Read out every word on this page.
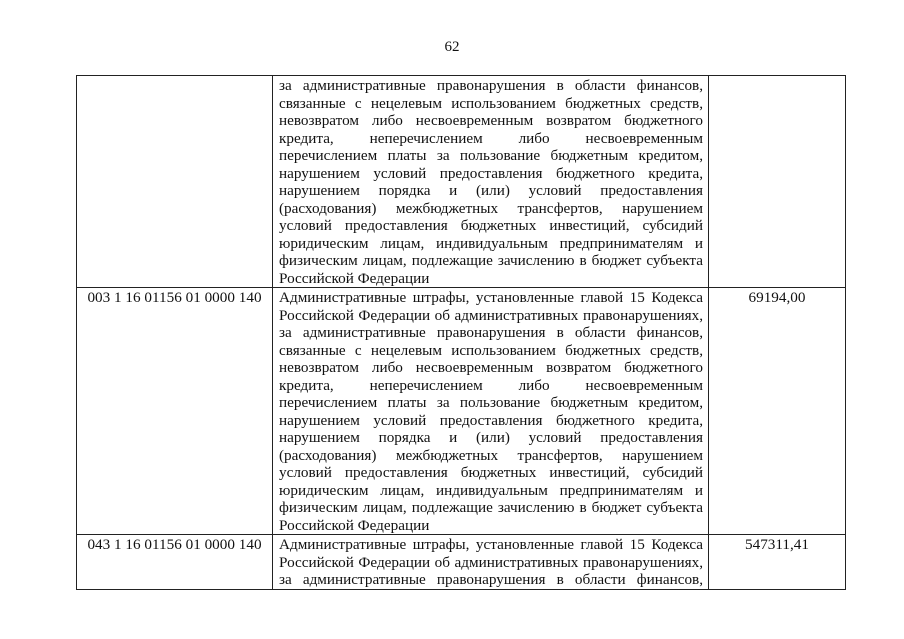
62

за административные правонарушения в области финансов,
связанные с нецелевым использованием бюджетных средств,
невозвратом либо несвоевременным возвратом бюджетного
кредита, неперечислением либо несвоевременным
перечислением платы за пользование бюджетным кредитом,
нарушением условий предоставления бюджетного кредита,
нарушением порядка и (или) условий предоставления
(расходования) межбюджетных трансфертов, нарушением
условий предоставления бюджетных инвестиций, субсидий
юридическим лицам, индивидуальным предпринимателям и
физическим лицам, подлежащие зачислению в бюджет субъекта
Российской Федерации

003 1 16 01156 01 0000 140	Административные штрафы, установленные главой 15 Кодекса
Российской Федерации об административных правонарушениях,
за административные правонарушения в области финансов,
связанные с нецелевым использованием бюджетных средств,
невозвратом либо несвоевременным возвратом бюджетного
кредита, неперечислением либо несвоевременным
перечислением платы за пользование бюджетным кредитом,
нарушением условий предоставления бюджетного кредита,
нарушением порядка и (или) условий предоставления
(расходования) межбюджетных трансфертов, нарушением
условий предоставления бюджетных инвестиций, субсидий
юридическим лицам, индивидуальным предпринимателям и
физическим лицам, подлежащие зачислению в бюджет субъекта
Российской Федерации
	69194,00
043 1 16 01156 01 0000 140	Административные штрафы, установленные главой 15 Кодекса
Российской Федерации об административных правонарушениях,
за административные правонарушения в области финансов,	547311,41
